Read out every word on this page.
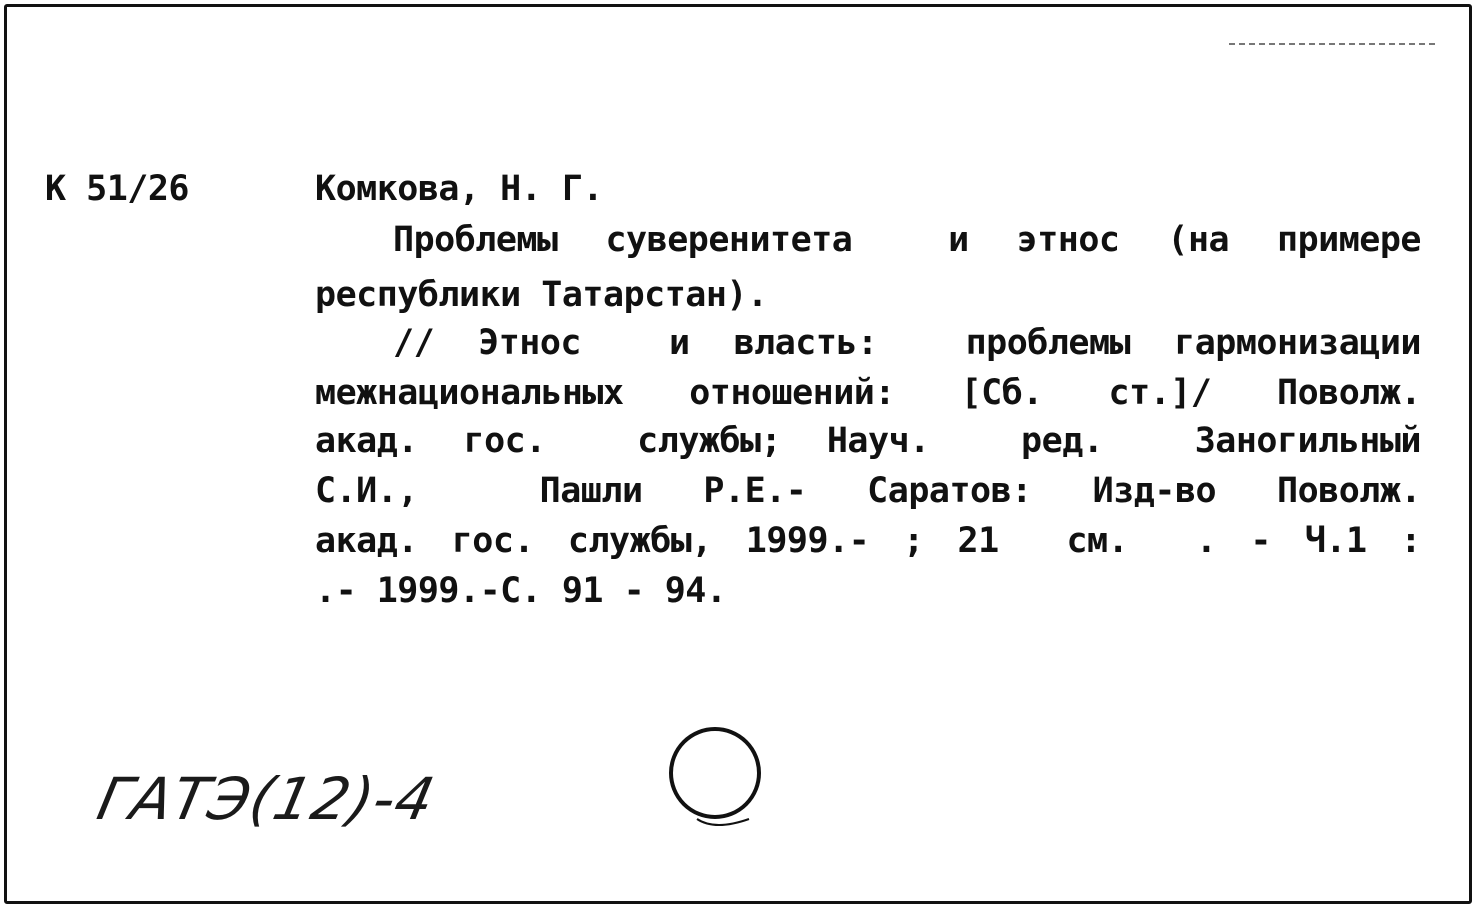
К 51/26	Комкова, Н. Г.
Проблемы суверенитета  и этнос (на примере
республики Татарстан).
// Этнос  и власть:  проблемы гармонизации
межнациональных отношений: [Сб. ст.]/ Поволж.
акад. гос.  службы; Науч.  ред.  Заногильный
С.И.,  Пашли Р.Е.- Саратов: Изд-во Поволж.
акад. гос. службы, 1999.- ; 21  см.  . - Ч.1 :
.- 1999.-С. 91 - 94.
ГАТЭ(12)-4
